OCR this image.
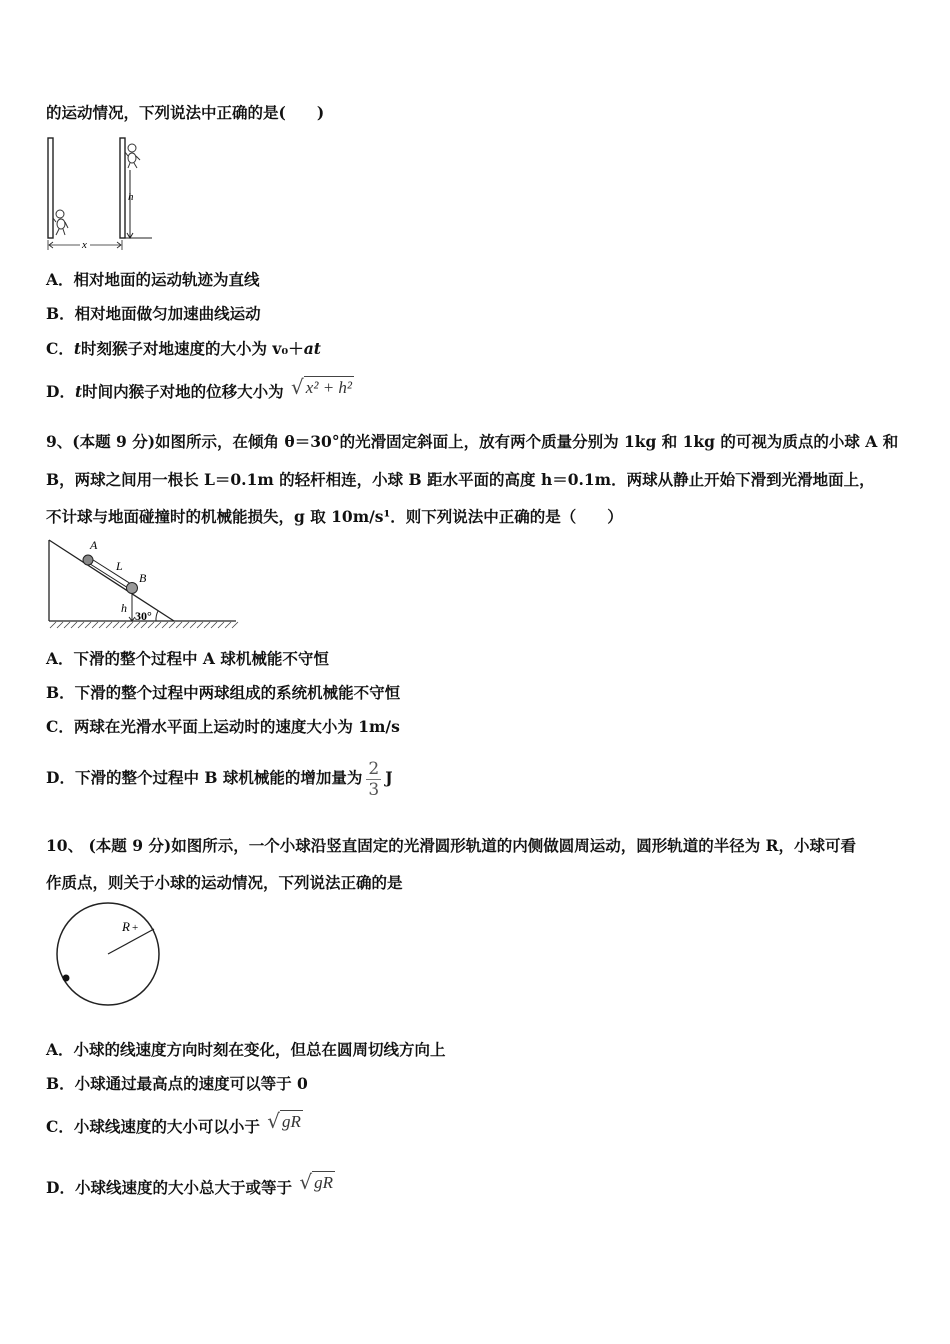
的运动情况，下列说法中正确的是(　　)
h
x
A．相对地面的运动轨迹为直线
B．相对地面做匀加速曲线运动
C．t时刻猴子对地速度的大小为 v₀＋at
D．t时间内猴子对地的位移大小为 √ x² + h²
9、(本题 9 分)如图所示，在倾角 θ＝30°的光滑固定斜面上，放有两个质量分别为 1kg 和 1kg 的可视为质点的小球 A 和
B，两球之间用一根长 L＝0.1m 的轻杆相连，小球 B 距水平面的高度 h＝0.1m．两球从静止开始下滑到光滑地面上，
不计球与地面碰撞时的机械能损失，g 取 10m/s¹．则下列说法中正确的是（　　）
A
L
B
h
30°
A．下滑的整个过程中 A 球机械能不守恒
B．下滑的整个过程中两球组成的系统机械能不守恒
C．两球在光滑水平面上运动时的速度大小为 1m/s
D．下滑的整个过程中 B 球机械能的增加量为 $\frac{2}{3}$ J
10、 (本题 9 分)如图所示，一个小球沿竖直固定的光滑圆形轨道的内侧做圆周运动，圆形轨道的半径为 R，小球可看
作质点，则关于小球的运动情况，下列说法正确的是
R +
A．小球的线速度方向时刻在变化，但总在圆周切线方向上
B．小球通过最高点的速度可以等于 0
C．小球线速度的大小可以小于 √ gR
D．小球线速度的大小总大于或等于 √ gR
